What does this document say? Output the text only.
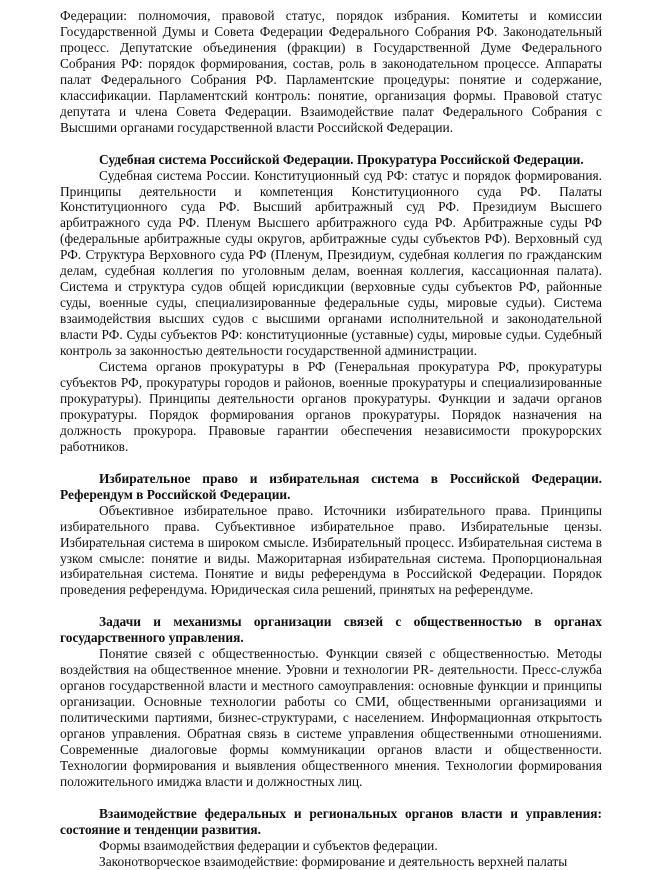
Федерации: полномочия, правовой статус, порядок избрания. Комитеты и комиссии Государственной Думы и Совета Федерации Федерального Собрания РФ. Законодательный процесс. Депутатские объединения (фракции) в Государственной Думе Федерального Собрания РФ: порядок формирования, состав, роль в законодательном процессе. Аппараты палат Федерального Собрания РФ. Парламентские процедуры: понятие и содержание, классификации. Парламентский контроль: понятие, организация формы. Правовой статус депутата и члена Совета Федерации. Взаимодействие палат Федерального Собрания с Высшими органами государственной власти Российской Федерации.

Судебная система Российской Федерации. Прокуратура Российской Федерации.

Судебная система России. Конституционный суд РФ: статус и порядок формирования. Принципы деятельности и компетенция Конституционного суда РФ. Палаты Конституционного суда РФ. Высший арбитражный суд РФ. Президиум Высшего арбитражного суда РФ. Пленум Высшего арбитражного суда РФ. Арбитражные суды РФ (федеральные арбитражные суды округов, арбитражные суды субъектов РФ). Верховный суд РФ. Структура Верховного суда РФ (Пленум, Президиум, судебная коллегия по гражданским делам, судебная коллегия по уголовным делам, военная коллегия, кассационная палата). Система и структура судов общей юрисдикции (верховные суды субъектов РФ, районные суды, военные суды, специализированные федеральные суды, мировые судьи). Система взаимодействия высших судов с высшими органами исполнительной и законодательной власти РФ. Суды субъектов РФ: конституционные (уставные) суды, мировые судьи. Судебный контроль за законностью деятельности государственной администрации.

Система органов прокуратуры в РФ (Генеральная прокуратура РФ, прокуратуры субъектов РФ, прокуратуры городов и районов, военные прокуратуры и специализированные прокуратуры). Принципы деятельности органов прокуратуры. Функции и задачи органов прокуратуры. Порядок формирования органов прокуратуры. Порядок назначения на должность прокурора. Правовые гарантии обеспечения независимости прокурорских работников.

Избирательное право и избирательная система в Российской Федерации. Референдум в Российской Федерации.

Объективное избирательное право. Источники избирательного права. Принципы избирательного права. Субъективное избирательное право. Избирательные цензы. Избирательная система в широком смысле. Избирательный процесс. Избирательная система в узком смысле: понятие и виды. Мажоритарная избирательная система. Пропорциональная избирательная система. Понятие и виды референдума в Российской Федерации. Порядок проведения референдума. Юридическая сила решений, принятых на референдуме.

Задачи и механизмы организации связей с общественностью в органах государственного управления.

Понятие связей с общественностью. Функции связей с общественностью. Методы воздействия на общественное мнение. Уровни и технологии PR- деятельности. Пресс-служба органов государственной власти и местного самоуправления: основные функции и принципы организации. Основные технологии работы со СМИ, общественными организациями и политическими партиями, бизнес-структурами, с населением. Информационная открытость органов управления. Обратная связь в системе управления общественными отношениями. Современные диалоговые формы коммуникации органов власти и общественности. Технологии формирования и выявления общественного мнения. Технологии формирования положительного имиджа власти и должностных лиц.

Взаимодействие федеральных и региональных органов власти и управления: состояние и тенденции развития.

Формы взаимодействия федерации и субъектов федерации.

Законотворческое взаимодействие: формирование и деятельность верхней палаты
